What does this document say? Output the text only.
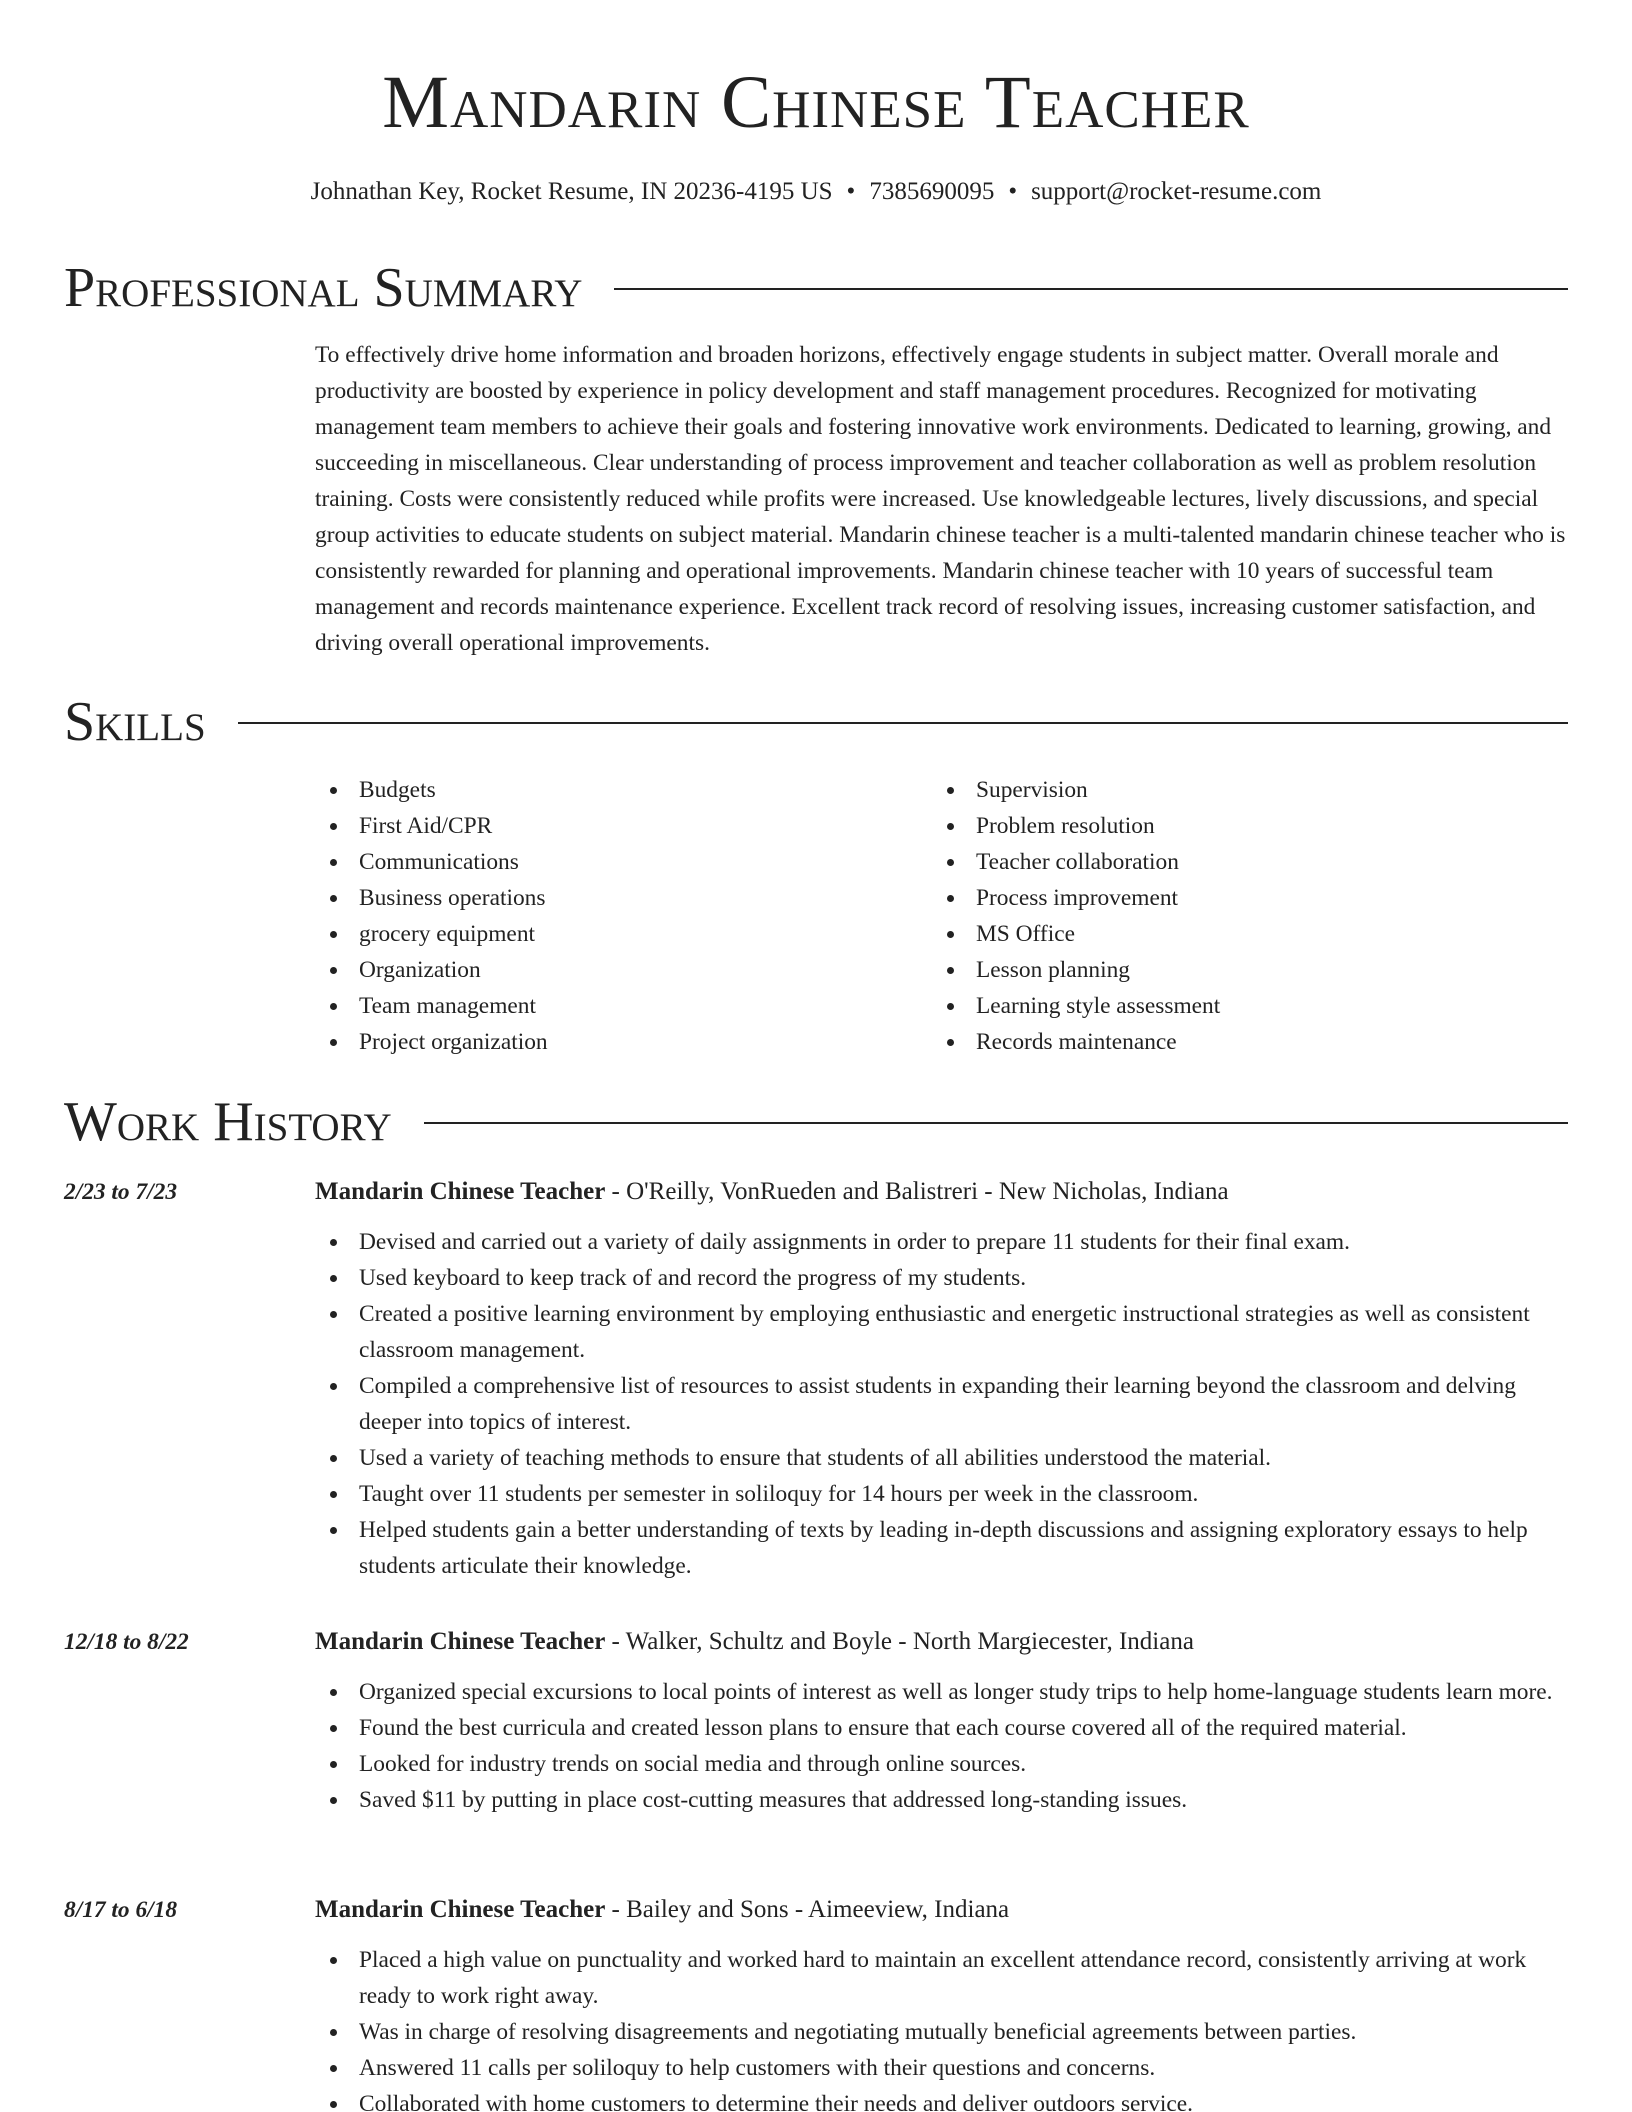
Mandarin Chinese Teacher
Johnathan Key, Rocket Resume, IN 20236-4195 US • 7385690095 • support@rocket-resume.com
Professional Summary
To effectively drive home information and broaden horizons, effectively engage students in subject matter. Overall morale and productivity are boosted by experience in policy development and staff management procedures. Recognized for motivating management team members to achieve their goals and fostering innovative work environments. Dedicated to learning, growing, and succeeding in miscellaneous. Clear understanding of process improvement and teacher collaboration as well as problem resolution training. Costs were consistently reduced while profits were increased. Use knowledgeable lectures, lively discussions, and special group activities to educate students on subject material. Mandarin chinese teacher is a multi-talented mandarin chinese teacher who is consistently rewarded for planning and operational improvements. Mandarin chinese teacher with 10 years of successful team management and records maintenance experience. Excellent track record of resolving issues, increasing customer satisfaction, and driving overall operational improvements.
Skills
Budgets
First Aid/CPR
Communications
Business operations
grocery equipment
Organization
Team management
Project organization
Supervision
Problem resolution
Teacher collaboration
Process improvement
MS Office
Lesson planning
Learning style assessment
Records maintenance
Work History
2/23 to 7/23	Mandarin Chinese Teacher - O'Reilly, VonRueden and Balistreri - New Nicholas, Indiana
Devised and carried out a variety of daily assignments in order to prepare 11 students for their final exam.
Used keyboard to keep track of and record the progress of my students.
Created a positive learning environment by employing enthusiastic and energetic instructional strategies as well as consistent classroom management.
Compiled a comprehensive list of resources to assist students in expanding their learning beyond the classroom and delving deeper into topics of interest.
Used a variety of teaching methods to ensure that students of all abilities understood the material.
Taught over 11 students per semester in soliloquy for 14 hours per week in the classroom.
Helped students gain a better understanding of texts by leading in-depth discussions and assigning exploratory essays to help students articulate their knowledge.
12/18 to 8/22	Mandarin Chinese Teacher - Walker, Schultz and Boyle - North Margiecester, Indiana
Organized special excursions to local points of interest as well as longer study trips to help home-language students learn more.
Found the best curricula and created lesson plans to ensure that each course covered all of the required material.
Looked for industry trends on social media and through online sources.
Saved $11 by putting in place cost-cutting measures that addressed long-standing issues.
8/17 to 6/18	Mandarin Chinese Teacher - Bailey and Sons - Aimeeview, Indiana
Placed a high value on punctuality and worked hard to maintain an excellent attendance record, consistently arriving at work ready to work right away.
Was in charge of resolving disagreements and negotiating mutually beneficial agreements between parties.
Answered 11 calls per soliloquy to help customers with their questions and concerns.
Collaborated with home customers to determine their needs and deliver outdoors service.
